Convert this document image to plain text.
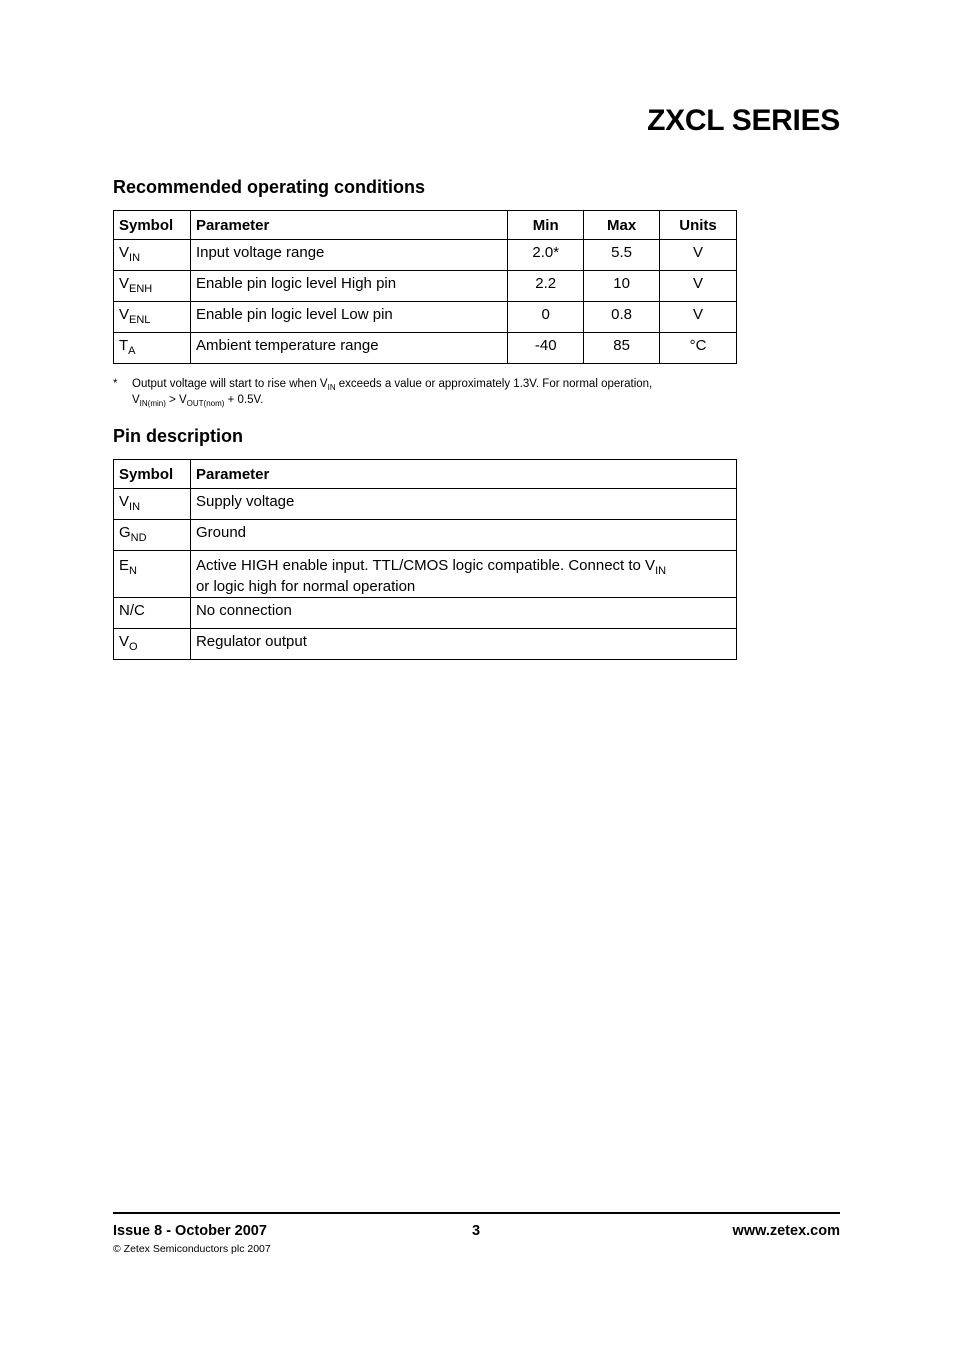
ZXCL SERIES
Recommended operating conditions
Symbol	Parameter	Min	Max	Units
$V_{IN}$	Input voltage range	2.0*	5.5	V
$V_{ENH}$	Enable pin logic level High pin	2.2	10	V
$V_{ENL}$	Enable pin logic level Low pin	0	0.8	V
$T_A$	Ambient temperature range	-40	85	°C
* Output voltage will start to rise when $V_{IN}$ exceeds a value or approximately 1.3V. For normal operation,
$V_{IN(min)} > V_{OUT(nom)} + 0.5V$.
Pin description
Symbol	Parameter
$V_{IN}$	Supply voltage
$G_{ND}$	Ground
$E_N$	Active HIGH enable input. TTL/CMOS logic compatible. Connect to $V_{IN}$
or logic high for normal operation
N/C	No connection
$V_O$	Regulator output
Issue 8 - October 2007	3	www.zetex.com
© Zetex Semiconductors plc 2007
